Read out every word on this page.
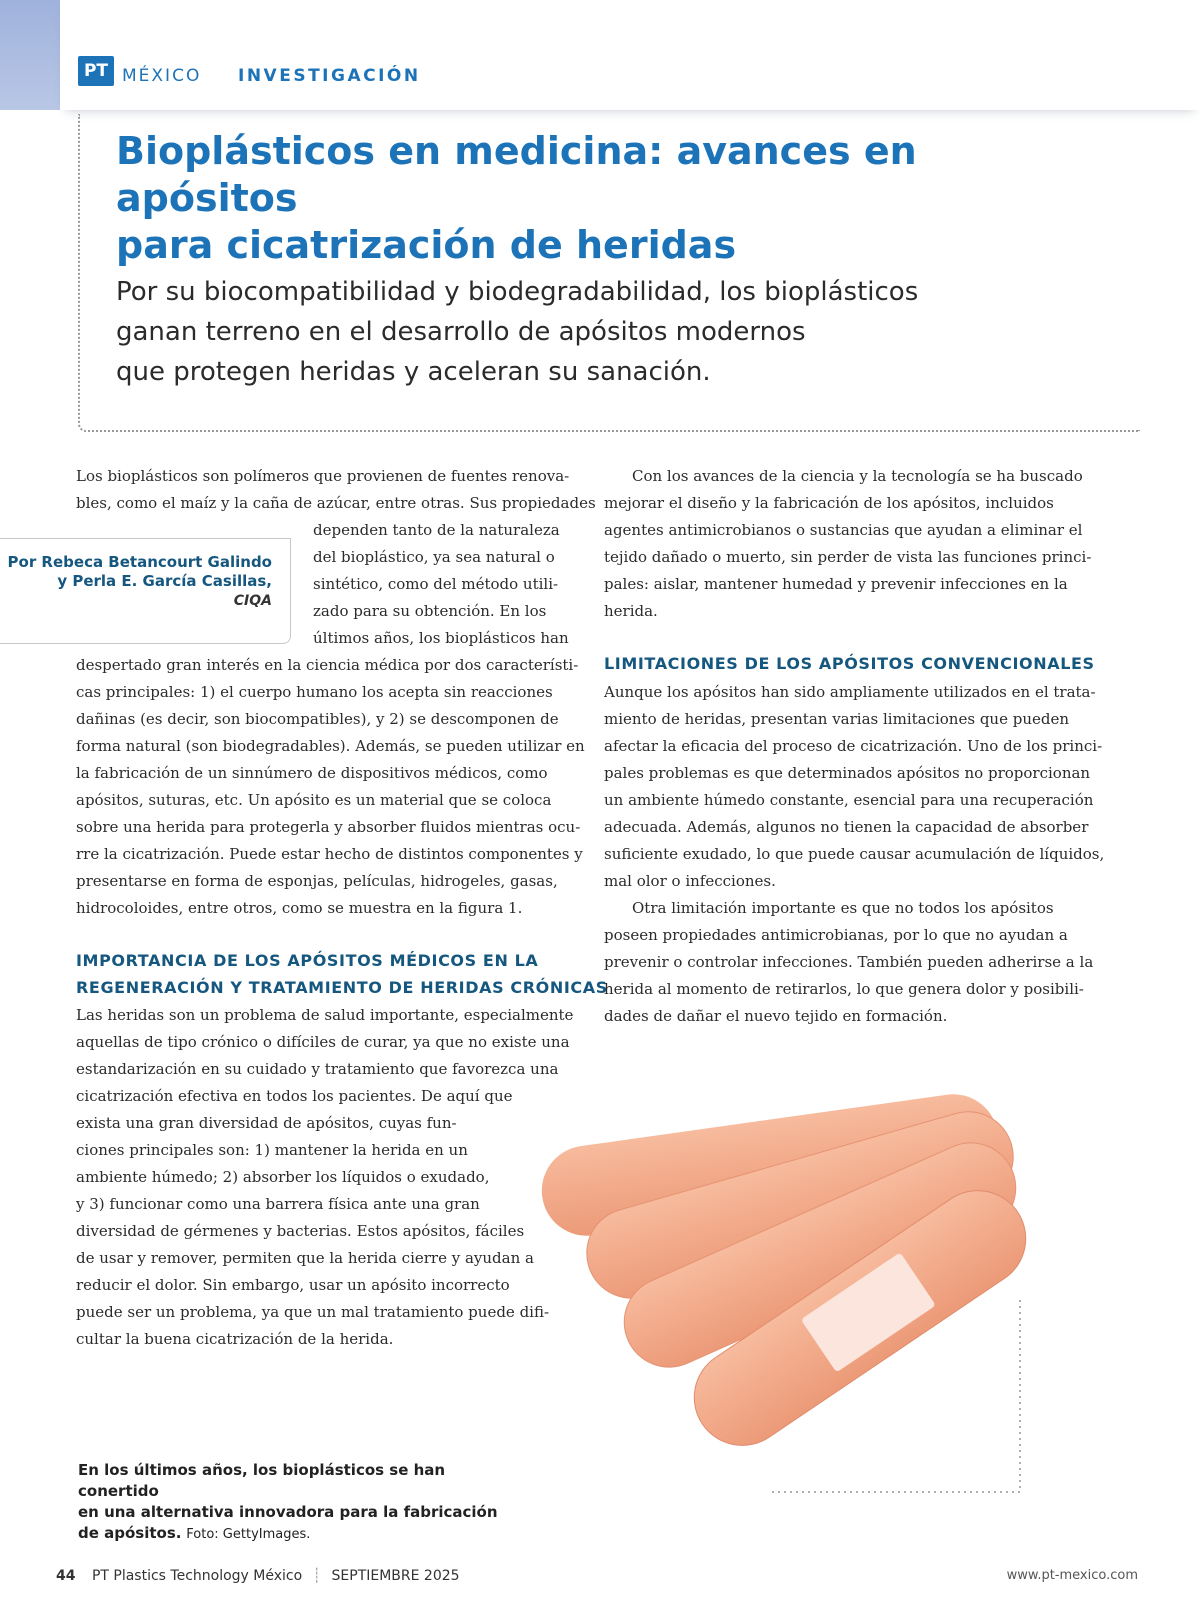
PT MÉXICO INVESTIGACIÓN
Bioplásticos en medicina: avances en apósitos
para cicatrización de heridas

Por su biocompatibilidad y biodegradabilidad, los bioplásticos
ganan terreno en el desarrollo de apósitos modernos
que protegen heridas y aceleran su sanación.

Por Rebeca Betancourt Galindo
y Perla E. García Casillas,
CIQA
Los bioplásticos son polímeros que provienen de fuentes renova-
bles, como el maíz y la caña de azúcar, entre otras. Sus propiedades
dependen tanto de la naturaleza
del bioplástico, ya sea natural o
sintético, como del método utili-
zado para su obtención. En los
últimos años, los bioplásticos han
despertado gran interés en la ciencia médica por dos característi-
cas principales: 1) el cuerpo humano los acepta sin reacciones
dañinas (es decir, son biocompatibles), y 2) se descomponen de
forma natural (son biodegradables). Además, se pueden utilizar en
la fabricación de un sinnúmero de dispositivos médicos, como
apósitos, suturas, etc. Un apósito es un material que se coloca
sobre una herida para protegerla y absorber fluidos mientras ocu-
rre la cicatrización. Puede estar hecho de distintos componentes y
presentarse en forma de esponjas, películas, hidrogeles, gasas,
hidrocoloides, entre otros, como se muestra en la figura 1.
IMPORTANCIA DE LOS APÓSITOS MÉDICOS EN LA
REGENERACIÓN Y TRATAMIENTO DE HERIDAS CRÓNICAS
Las heridas son un problema de salud importante, especialmente
aquellas de tipo crónico o difíciles de curar, ya que no existe una
estandarización en su cuidado y tratamiento que favorezca una
cicatrización efectiva en todos los pacientes. De aquí que
exista una gran diversidad de apósitos, cuyas fun-
ciones principales son: 1) mantener la herida en un
ambiente húmedo; 2) absorber los líquidos o exudado,
y 3) funcionar como una barrera física ante una gran
diversidad de gérmenes y bacterias. Estos apósitos, fáciles
de usar y remover, permiten que la herida cierre y ayudan a
reducir el dolor. Sin embargo, usar un apósito incorrecto
puede ser un problema, ya que un mal tratamiento puede difi-
cultar la buena cicatrización de la herida.
Con los avances de la ciencia y la tecnología se ha buscado
mejorar el diseño y la fabricación de los apósitos, incluidos
agentes antimicrobianos o sustancias que ayudan a eliminar el
tejido dañado o muerto, sin perder de vista las funciones princi-
pales: aislar, mantener humedad y prevenir infecciones en la
herida.
LIMITACIONES DE LOS APÓSITOS CONVENCIONALES
Aunque los apósitos han sido ampliamente utilizados en el trata-
miento de heridas, presentan varias limitaciones que pueden
afectar la eficacia del proceso de cicatrización. Uno de los princi-
pales problemas es que determinados apósitos no proporcionan
un ambiente húmedo constante, esencial para una recuperación
adecuada. Además, algunos no tienen la capacidad de absorber
suficiente exudado, lo que puede causar acumulación de líquidos,
mal olor o infecciones.
Otra limitación importante es que no todos los apósitos
poseen propiedades antimicrobianas, por lo que no ayudan a
prevenir o controlar infecciones. También pueden adherirse a la
herida al momento de retirarlos, lo que genera dolor y posibili-
dades de dañar el nuevo tejido en formación.
En los últimos años, los bioplásticos se han conertido
en una alternativa innovadora para la fabricación
de apósitos. Foto: GettyImages.
44 PT Plastics Technology México ┊ SEPTIEMBRE 2025	www.pt-mexico.com
